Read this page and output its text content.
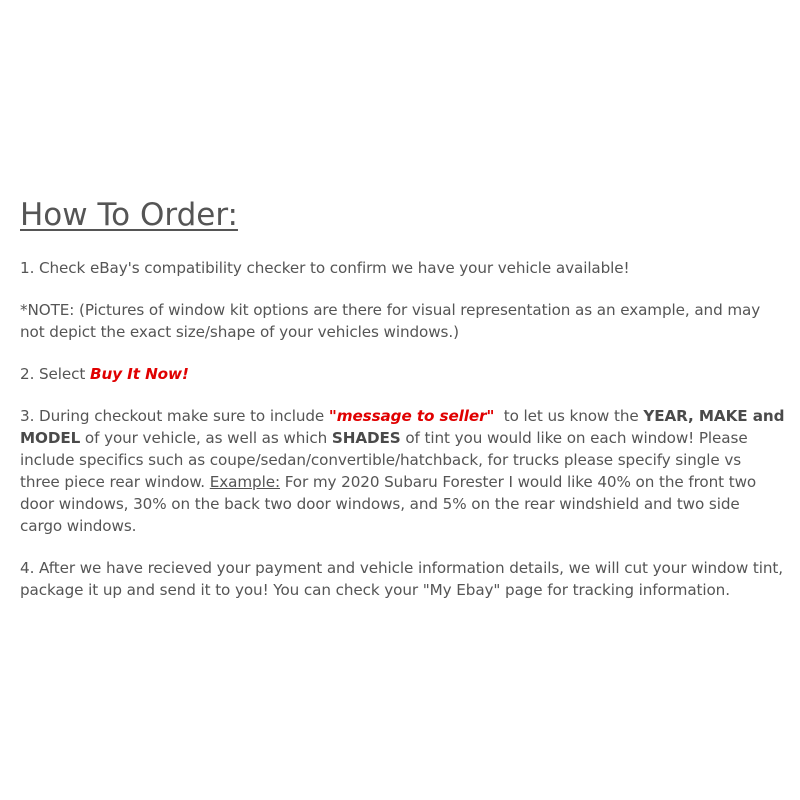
How To Order:

1. Check eBay's compatibility checker to confirm we have your vehicle available!

*NOTE: (Pictures of window kit options are there for visual representation as an example, and may not depict the exact size/shape of your vehicles windows.)

2. Select Buy It Now!

3. During checkout make sure to include "message to seller"  to let us know the YEAR, MAKE and MODEL of your vehicle, as well as which SHADES of tint you would like on each window! Please include specifics such as coupe/sedan/convertible/hatchback, for trucks please specify single vs three piece rear window. Example: For my 2020 Subaru Forester I would like 40% on the front two door windows, 30% on the back two door windows, and 5% on the rear windshield and two side cargo windows.

4. After we have recieved your payment and vehicle information details, we will cut your window tint, package it up and send it to you! You can check your "My Ebay" page for tracking information.
